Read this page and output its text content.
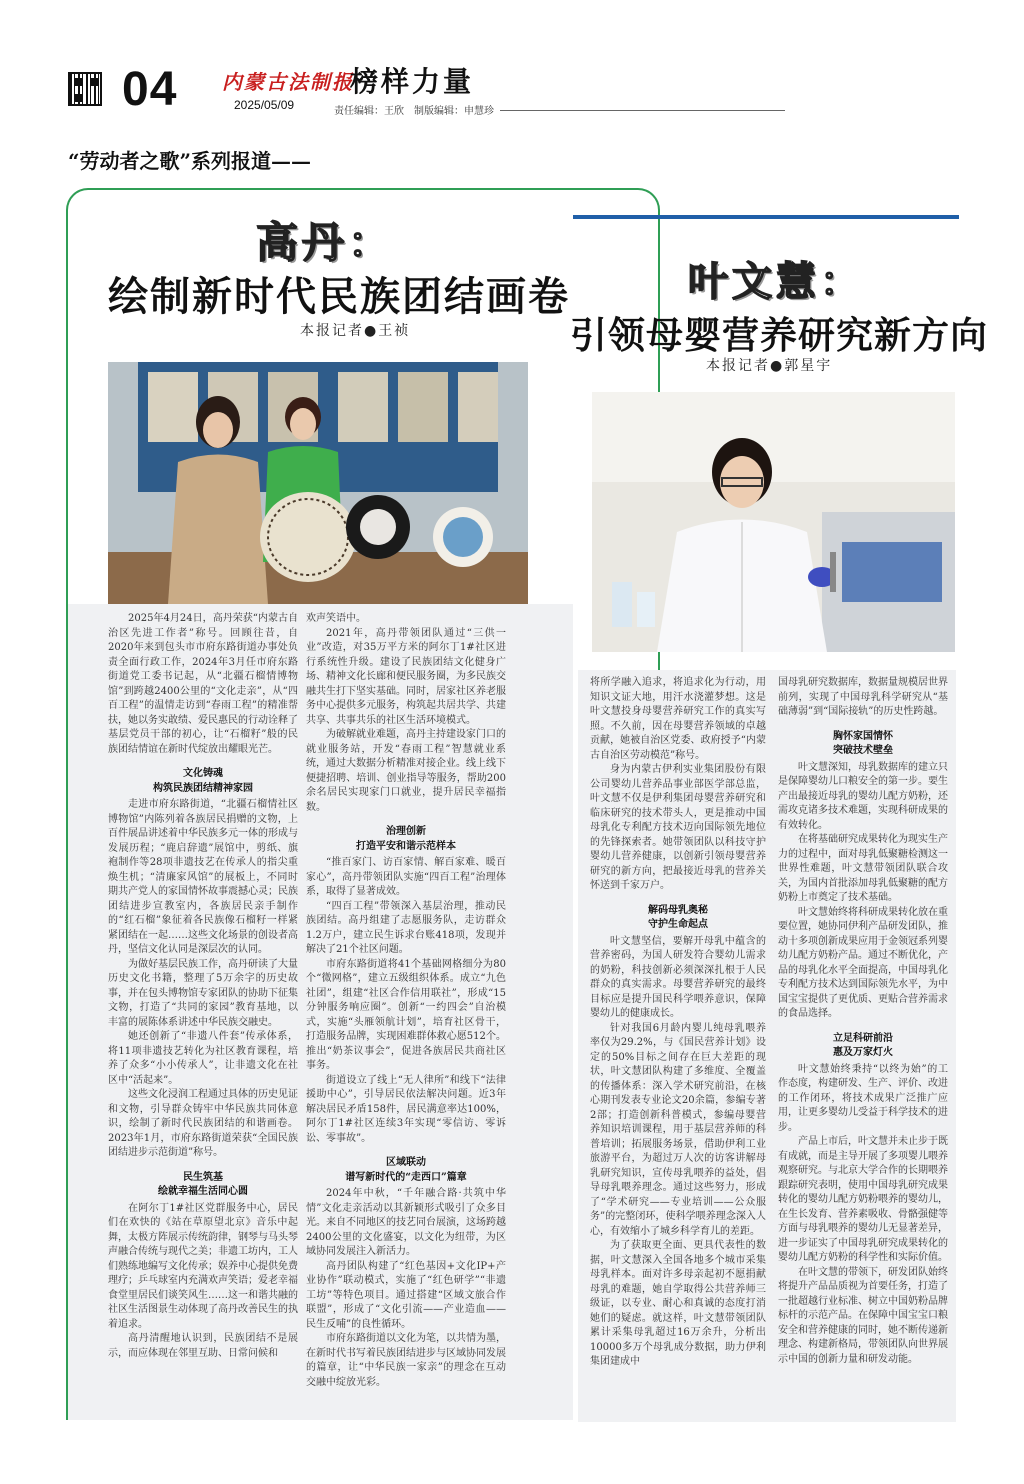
04 内蒙古法制报
2025/05/09
榜样力量
责任编辑：王欣　制版编辑：申慧珍
“劳动者之歌”系列报道——
高丹：
绘制新时代民族团结画卷
本报记者●王祯

2025年4月24日，高丹荣获“内蒙古自治区先进工作者”称号。回顾往昔，自2020年来到包头市市府东路街道办事处负责全面行政工作，2024年3月任市府东路街道党工委书记起，从“北疆石榴情博物馆”到跨越2400公里的“文化走亲”，从“四百工程”的温情走访到“春雨工程”的精准帮扶，她以务实敢绩、爱民惠民的行动诠释了基层党员干部的初心，让“石榴籽”般的民族团结情谊在新时代绽放出耀眼光芒。

文化铸魂
构筑民族团结精神家园

走进市府东路街道，“北疆石榴情社区博物馆”内陈列着各族居民捐赠的文物，上百件展品讲述着中华民族多元一体的形成与发展历程；“鹿启辞遗”展馆中，剪纸、旗袍制作等28项非遗技艺在传承人的指尖重焕生机；“清廉家风馆”的展板上，不同时期共产党人的家国情怀故事震撼心灵；民族团结进步宣教室内，各族居民亲手制作的“红石榴”象征着各民族像石榴籽一样紧紧团结在一起……这些文化场景的创设者高丹，坚信文化认同是深层次的认同。

为做好基层民族工作，高丹研读了大量历史文化书籍，整理了5万余字的历史故事，并在包头博物馆专家团队的协助下征集文物，打造了“共同的家园”教育基地，以丰富的展陈体系讲述中华民族交融史。

她还创新了“非遗八件套”传承体系，将11项非遗技艺转化为社区教育课程，培养了众多“小小传承人”，让非遗文化在社区中“活起来”。

这些文化浸润工程通过具体的历史见证和文物，引导群众铸牢中华民族共同体意识，绘制了新时代民族团结的和谐画卷。2023年1月，市府东路街道荣获“全国民族团结进步示范街道”称号。

民生筑基
绘就幸福生活同心圆

在阿尔丁1#社区党群服务中心，居民们在欢快的《站在草原望北京》音乐中起舞，太极方阵展示传统韵律，钢琴与马头琴声融合传统与现代之美；非遗工坊内，工人们熟练地编写文化传承；娱养中心提供免费理疗；乒乓球室内充满欢声笑语；爱老幸福食堂里居民们谈笑风生……这一和谐共融的社区生活图景生动体现了高丹改善民生的执着追求。

高丹清醒地认识到，民族团结不是展示，而应体现在邻里互助、日常问候和

欢声笑语中。

2021年，高丹带领团队通过“三供一业”改造，对35万平方米的阿尔丁1#社区进行系统性升级。建设了民族团结文化健身广场、精神文化长廊和便民服务圈，为多民族交融共生打下坚实基础。同时，居家社区养老服务中心提供多元服务，构筑起共居共学、共建共享、共事共乐的社区生活环境模式。

为破解就业难题，高丹主持建设家门口的就业服务站，开发“春雨工程”智慧就业系统，通过大数据分析精准对接企业。线上线下便捷招聘、培训、创业指导等服务，帮助200余名居民实现家门口就业，提升居民幸福指数。

治理创新
打造平安和谐示范样本

“推百家门、访百家情、解百家难、暖百家心”，高丹带领团队实施“四百工程”治理体系，取得了显著成效。

“四百工程”带领深入基层治理，推动民族团结。高丹组建了志愿服务队，走访群众1.2万户，建立民生诉求台账418项，发现并解决了21个社区问题。

市府东路街道将41个基础网格细分为80个“微网格”，建立五级组织体系。成立“九色社团”，组建“社区合作信用联社”，形成“15分钟服务响应圈”。创新“一约四会”自治模式，实施“头雁领航计划”，培育社区骨干，打造服务品牌，实现困难群体救心愿512个。推出“奶茶议事会”，促进各族居民共商社区事务。

街道设立了线上“无人律所”和线下“法律援助中心”，引导居民依法解决问题。近3年解决居民矛盾158件，居民满意率达100%，阿尔丁1#社区连续3年实现“零信访、零诉讼、零事故”。

区域联动
谱写新时代的“走西口”篇章

2024年中秋，“千年融合路·共筑中华情”文化走亲活动以其新颖形式吸引了众多目光。来自不同地区的技艺同台展演，这场跨越2400公里的文化盛宴，以文化为纽带，为区域协同发展注入新活力。

高丹团队构建了“红色基因+文化IP+产业协作”联动模式，实施了“红色研学”“非遗工坊”等特色项目。通过搭建“区域文旅合作联盟”，形成了“文化引流——产业造血——民生反哺”的良性循环。

市府东路街道以文化为笔，以共情为墨，在新时代书写着民族团结进步与区域协同发展的篇章，让“中华民族一家亲”的理念在互动交融中绽放光彩。

叶文慧：
引领母婴营养研究新方向
本报记者●郭星宇

将所学融入追求，将追求化为行动，用知识文证大地，用汗水浇灌梦想。这是叶文慧投身母婴营养研究工作的真实写照。不久前，因在母婴营养领域的卓越贡献，她被自治区党委、政府授予“内蒙古自治区劳动模范”称号。

身为内蒙古伊利实业集团股份有限公司婴幼儿营养品事业部医学部总监，叶文慧不仅是伊利集团母婴营养研究和临床研究的技术带头人，更是推动中国母乳化专利配方技术迈向国际领先地位的先锋探索者。她带领团队以科技守护婴幼儿营养健康，以创新引领母婴营养研究的新方向，把最接近母乳的营养关怀送到千家万户。

解码母乳奥秘
守护生命起点

叶文慧坚信，要解开母乳中蕴含的营养密码，为国人研发符合婴幼儿需求的奶粉，科技创新必须深深扎根于人民群众的真实需求。母婴营养研究的最终目标应是提升国民科学喂养意识，保障婴幼儿的健康成长。

针对我国6月龄内婴儿纯母乳喂养率仅为29.2%，与《国民营养计划》设定的50%目标之间存在巨大差距的现状，叶文慧团队构建了多维度、全覆盖的传播体系：深入学术研究前沿，在核心期刊发表专业论文20余篇，参编专著2部；打造创新科普模式，参编母婴营养知识培训课程，用于基层营养师的科普培训；拓展服务场景，借助伊利工业旅游平台，为超过万人次的访客讲解母乳研究知识，宣传母乳喂养的益处，倡导母乳喂养理念。通过这些努力，形成了“学术研究——专业培训——公众服务”的完整闭环，使科学喂养理念深入人心，有效缩小了城乡科学育儿的差距。

为了获取更全面、更具代表性的数据，叶文慧深入全国各地多个城市采集母乳样本。面对许多母亲起初不愿捐献母乳的难题，她自学取得公共营养师三级证，以专业、耐心和真诚的态度打消她们的疑虑。就这样，叶文慧带领团队累计采集母乳超过16万余升，分析出10000多万个母乳成分数据，助力伊利集团建成中

国母乳研究数据库，数据量规模居世界前列，实现了中国母乳科学研究从“基础薄弱”到“国际接轨”的历史性跨越。

胸怀家国情怀
突破技术壁垒

叶文慧深知，母乳数据库的建立只是保障婴幼儿口粮安全的第一步。要生产出最接近母乳的婴幼儿配方奶粉，还需攻克诸多技术难题，实现科研成果的有效转化。

在将基础研究成果转化为现实生产力的过程中，面对母乳低聚糖检测这一世界性难题，叶文慧带领团队联合攻关，为国内首批添加母乳低聚糖的配方奶粉上市奠定了技术基础。

叶文慧始终将科研成果转化放在重要位置，她协同伊利产品研发团队，推动十多项创新成果应用于金领冠系列婴幼儿配方奶粉产品。通过不断优化，产品的母乳化水平全面提高，中国母乳化专利配方技术达到国际领先水平，为中国宝宝提供了更优质、更贴合营养需求的食品选择。

立足科研前沿
惠及万家灯火

叶文慧始终秉持“以终为始”的工作态度，构建研发、生产、评价、改进的工作闭环，将技术成果广泛推广应用，让更多婴幼儿受益于科学技术的进步。

产品上市后，叶文慧并未止步于既有成就，而是主导开展了多项婴儿喂养观察研究。与北京大学合作的长期喂养跟踪研究表明，使用中国母乳研究成果转化的婴幼儿配方奶粉喂养的婴幼儿，在生长发育、营养素吸收、骨骼强健等方面与母乳喂养的婴幼儿无显著差异，进一步证实了中国母乳研究成果转化的婴幼儿配方奶粉的科学性和实际价值。

在叶文慧的带领下，研发团队始终将提升产品品质视为首要任务，打造了一批超越行业标准、树立中国奶粉品牌标杆的示范产品。在保障中国宝宝口粮安全和营养健康的同时，她不断传递新理念、构建新格局，带领团队向世界展示中国的创新力量和研发动能。
